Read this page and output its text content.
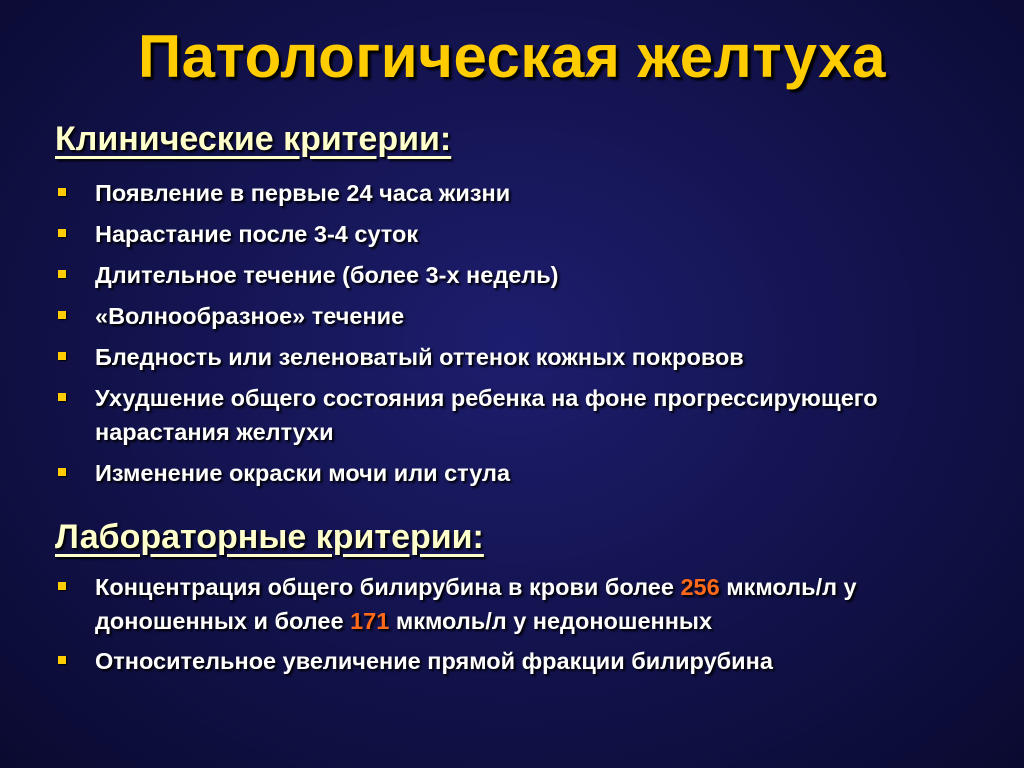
Патологическая желтуха
Клинические критерии:
Появление в первые 24 часа жизни
Нарастание после 3-4 суток
Длительное течение (более 3-х недель)
«Волнообразное» течение
Бледность или зеленоватый оттенок кожных покровов
Ухудшение общего состояния ребенка на фоне прогрессирующего нарастания желтухи
Изменение окраски мочи или стула
Лабораторные критерии:
Концентрация общего билирубина в крови более 256 мкмоль/л у доношенных и более 171 мкмоль/л у недоношенных
Относительное увеличение прямой фракции билирубина
